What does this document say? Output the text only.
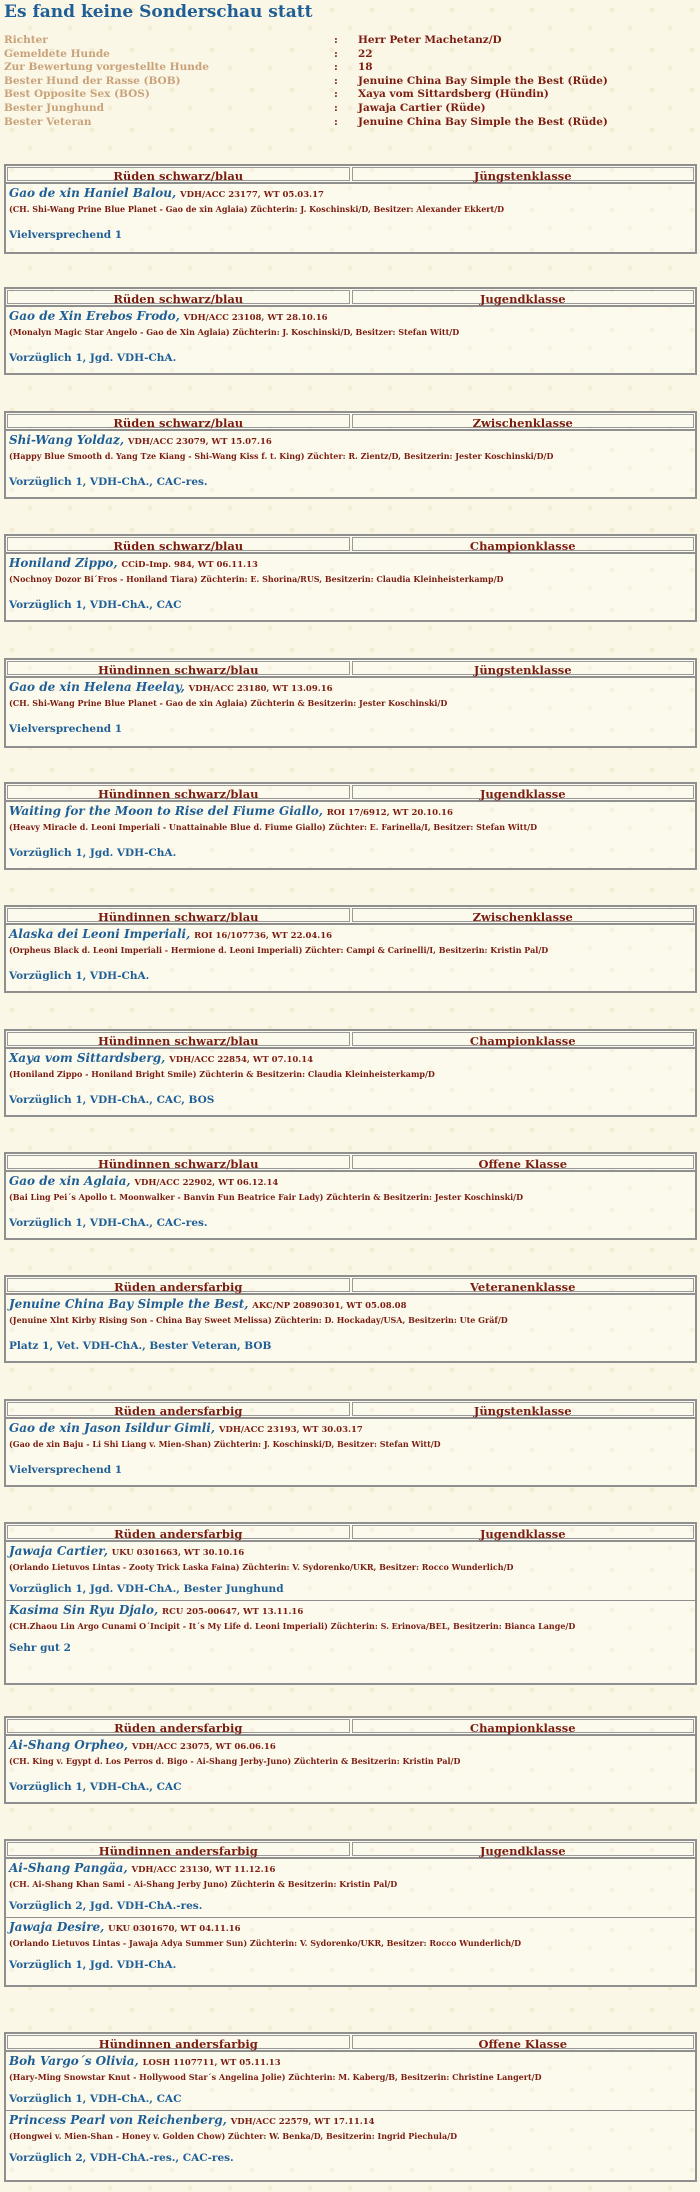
Es fand keine Sonderschau statt
Richter	:	Herr Peter Machetanz/D
Gemeldete Hunde	:	22
Zur Bewertung vorgestellte Hunde	:	18
Bester Hund der Rasse (BOB)	:	Jenuine China Bay Simple the Best (Rüde)
Best Opposite Sex (BOS)	:	Xaya vom Sittardsberg (Hündin)
Bester Junghund	:	Jawaja Cartier (Rüde)
Bester Veteran	:	Jenuine China Bay Simple the Best (Rüde)
Rüden schwarz/blau	Jüngstenklasse
Gao de xin Haniel Balou, VDH/ACC 23177, WT 05.03.17
(CH. Shi-Wang Prine Blue Planet - Gao de xin Aglaia) Züchterin: J. Koschinski/D, Besitzer: Alexander Ekkert/D
Vielversprechend 1
Rüden schwarz/blau	Jugendklasse
Gao de Xin Erebos Frodo, VDH/ACC 23108, WT 28.10.16
(Monalyn Magic Star Angelo - Gao de Xin Aglaia) Züchterin: J. Koschinski/D, Besitzer: Stefan Witt/D
Vorzüglich 1, Jgd. VDH-ChA.
Rüden schwarz/blau	Zwischenklasse
Shi-Wang Yoldaz, VDH/ACC 23079, WT 15.07.16
(Happy Blue Smooth d. Yang Tze Kiang - Shi-Wang Kiss f. t. King) Züchter: R. Zientz/D, Besitzerin: Jester Koschinski/D/D
Vorzüglich 1, VDH-ChA., CAC-res.
Rüden schwarz/blau	Championklasse
Honiland Zippo, CCiD-Imp. 984, WT 06.11.13
(Nochnoy Dozor Bi´Fros - Honiland Tiara) Züchterin: E. Shorina/RUS, Besitzerin: Claudia Kleinheisterkamp/D
Vorzüglich 1, VDH-ChA., CAC
Hündinnen schwarz/blau	Jüngstenklasse
Gao de xin Helena Heelay, VDH/ACC 23180, WT 13.09.16
(CH. Shi-Wang Prine Blue Planet - Gao de xin Aglaia) Züchterin & Besitzerin: Jester Koschinski/D
Vielversprechend 1
Hündinnen schwarz/blau	Jugendklasse
Waiting for the Moon to Rise del Fiume Giallo, ROI 17/6912, WT 20.10.16
(Heavy Miracle d. Leoni Imperiali - Unattainable Blue d. Fiume Giallo) Züchter: E. Farinella/I, Besitzer: Stefan Witt/D
Vorzüglich 1, Jgd. VDH-ChA.
Hündinnen schwarz/blau	Zwischenklasse
Alaska dei Leoni Imperiali, ROI 16/107736, WT 22.04.16
(Orpheus Black d. Leoni Imperiali - Hermione d. Leoni Imperiali) Züchter: Campi & Carinelli/I, Besitzerin: Kristin Pal/D
Vorzüglich 1, VDH-ChA.
Hündinnen schwarz/blau	Championklasse
Xaya vom Sittardsberg, VDH/ACC 22854, WT 07.10.14
(Honiland Zippo - Honiland Bright Smile) Züchterin & Besitzerin: Claudia Kleinheisterkamp/D
Vorzüglich 1, VDH-ChA., CAC, BOS
Hündinnen schwarz/blau	Offene Klasse
Gao de xin Aglaia, VDH/ACC 22902, WT 06.12.14
(Bai Ling Pei´s Apollo t. Moonwalker - Banvin Fun Beatrice Fair Lady) Züchterin & Besitzerin: Jester Koschinski/D
Vorzüglich 1, VDH-ChA., CAC-res.
Rüden andersfarbig	Veteranenklasse
Jenuine China Bay Simple the Best, AKC/NP 20890301, WT 05.08.08
(Jenuine Xlnt Kirby Rising Son - China Bay Sweet Melissa) Züchterin: D. Hockaday/USA, Besitzerin: Ute Gräf/D
Platz 1, Vet. VDH-ChA., Bester Veteran, BOB
Rüden andersfarbig	Jüngstenklasse
Gao de xin Jason Isildur Gimli, VDH/ACC 23193, WT 30.03.17
(Gao de xin Baju - Li Shi Liang v. Mien-Shan) Züchterin: J. Koschinski/D, Besitzer: Stefan Witt/D
Vielversprechend 1
Rüden andersfarbig	Jugendklasse
Jawaja Cartier, UKU 0301663, WT 30.10.16
(Orlando Lietuvos Lintas - Zooty Trick Laska Faina) Züchterin: V. Sydorenko/UKR, Besitzer: Rocco Wunderlich/D
Vorzüglich 1, Jgd. VDH-ChA., Bester Junghund
Kasima Sin Ryu Djalo, RCU 205-00647, WT 13.11.16
(CH.Zhaou Lin Argo Cunami O´Incipit - It´s My Life d. Leoni Imperiali) Züchterin: S. Erinova/BEL, Besitzerin: Bianca Lange/D
Sehr gut 2
Rüden andersfarbig	Championklasse
Ai-Shang Orpheo, VDH/ACC 23075, WT 06.06.16
(CH. King v. Egypt d. Los Perros d. Bigo - Ai-Shang Jerby-Juno) Züchterin & Besitzerin: Kristin Pal/D
Vorzüglich 1, VDH-ChA., CAC
Hündinnen andersfarbig	Jugendklasse
Ai-Shang Pangäa, VDH/ACC 23130, WT 11.12.16
(CH. Ai-Shang Khan Sami - Ai-Shang Jerby Juno) Züchterin & Besitzerin: Kristin Pal/D
Vorzüglich 2, Jgd. VDH-ChA.-res.
Jawaja Desire, UKU 0301670, WT 04.11.16
(Orlando Lietuvos Lintas - Jawaja Adya Summer Sun) Züchterin: V. Sydorenko/UKR, Besitzer: Rocco Wunderlich/D
Vorzüglich 1, Jgd. VDH-ChA.
Hündinnen andersfarbig	Offene Klasse
Boh Vargo´s Olivia, LOSH 1107711, WT 05.11.13
(Hary-Ming Snowstar Knut - Hollywood Star´s Angelina Jolie) Züchterin: M. Kaberg/B, Besitzerin: Christine Langert/D
Vorzüglich 1, VDH-ChA., CAC
Princess Pearl von Reichenberg, VDH/ACC 22579, WT 17.11.14
(Hongwei v. Mien-Shan - Honey v. Golden Chow) Züchter: W. Benka/D, Besitzerin: Ingrid Piechula/D
Vorzüglich 2, VDH-ChA.-res., CAC-res.
